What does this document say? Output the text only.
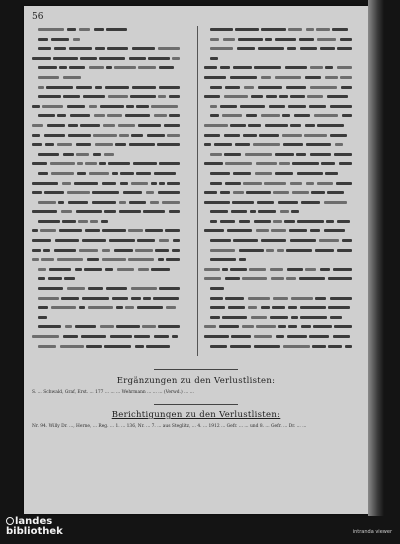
56
Ergänzungen zu den Verlustlisten:
S. ... Schwald, Graf, Erst. ... 177 ... ... ... Wehrmann ... ... ... (Verwd.) ... ...
Berichtigungen zu den Verlustlisten:
Nr. 94. Willy Dr. ..., Herne, ... Reg. ... 1. ... 136, Nr. ... 7. ... aus Steglitz, ... 4. ... 1912 ... Gefr. ... ... und 8. ... Gefr. ... Dr. ... ...
landes
bibliothek	intranda viewer
